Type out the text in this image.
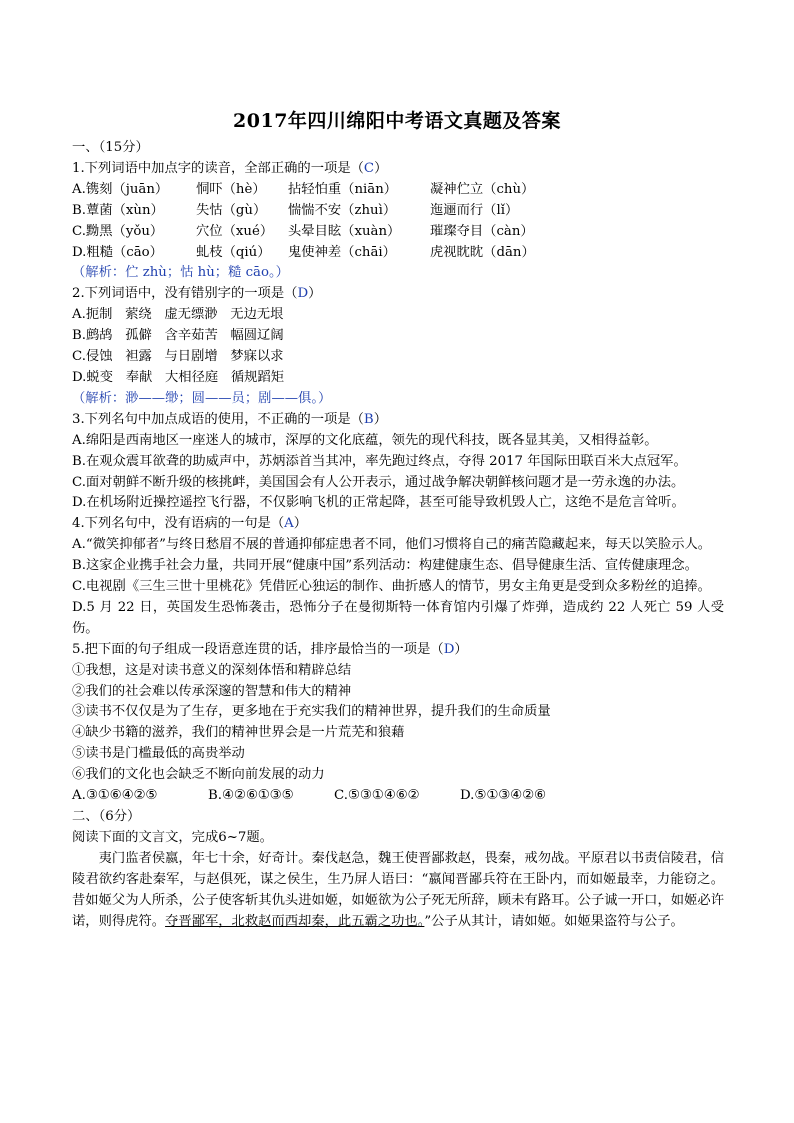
2017年四川绵阳中考语文真题及答案
一、（15分）
1.下列词语中加点字的读音，全部正确的一项是（C）
A.镌刻（juān） 恫吓（hè） 拈轻怕重（niān） 凝神伫立（chù）
B.蕈菌（xùn） 失怙（gù） 惴惴不安（zhuì）	迤逦而行（lǐ）
C.黝黑（yǒu） 穴位（xué） 头晕目眩（xuàn） 璀璨夺目（càn）
D.粗糙（cāo） 虬枝（qiú） 鬼使神差（chāi）	虎视眈眈（dān）
（解析：伫 zhù；怙 hù；糙 cāo。）
2.下列词语中，没有错别字的一项是（D）
A.扼制 萦绕 虚无缥渺 无边无垠
B.鹧鸪 孤僻 含辛茹苦 幅圆辽阔
C.侵蚀 袒露 与日剧增 梦寐以求
D.蜕变 奉献 大相径庭 循规蹈矩
（解析：渺——缈；圆——员；剧——俱。）
3.下列名句中加点成语的使用，不正确的一项是（B）
A.绵阳是西南地区一座迷人的城市，深厚的文化底蕴，领先的现代科技，既各显其美，又相得益彰。
B.在观众震耳欲聋的助威声中，苏炳添首当其冲，率先跑过终点，夺得 2017 年国际田联百米大点冠军。
C.面对朝鲜不断升级的核挑衅，美国国会有人公开表示，通过战争解决朝鲜核问题才是一劳永逸的办法。
D.在机场附近操控遥控飞行器，不仅影响飞机的正常起降，甚至可能导致机毁人亡，这绝不是危言耸听。
4.下列名句中，没有语病的一句是（A）
A.“微笑抑郁者”与终日愁眉不展的普通抑郁症患者不同，他们习惯将自己的痛苦隐藏起来，每天以笑脸示人。
B.这家企业携手社会力量，共同开展“健康中国”系列活动：构建健康生态、倡导健康生活、宣传健康理念。
C.电视剧《三生三世十里桃花》凭借匠心独运的制作、曲折感人的情节，男女主角更是受到众多粉丝的追捧。
D.5 月 22 日，英国发生恐怖袭击，恐怖分子在曼彻斯特一体育馆内引爆了炸弹，造成约 22 人死亡 59 人受伤。
5.把下面的句子组成一段语意连贯的话，排序最恰当的一项是（D）
①我想，这是对读书意义的深刻体悟和精辟总结
②我们的社会难以传承深邃的智慧和伟大的精神
③读书不仅仅是为了生存，更多地在于充实我们的精神世界，提升我们的生命质量
④缺少书籍的滋养，我们的精神世界会是一片荒芜和狼藉
⑤读书是门槛最低的高贵举动
⑥我们的文化也会缺乏不断向前发展的动力
A.③①⑥④②⑤	B.④②⑥①③⑤	C.⑤③①④⑥②	D.⑤①③④②⑥
二、（6分）
阅读下面的文言文，完成6~7题。
夷门监者侯嬴，年七十余，好奇计。秦伐赵急，魏王使晋鄙救赵，畏秦，戒勿战。平原君以书责信陵君，信陵君欲约客赴秦军，与赵俱死，谋之侯生，生乃屏人语曰：“嬴闻晋鄙兵符在王卧内，而如姬最幸，力能窃之。昔如姬父为人所杀，公子使客斩其仇头进如姬，如姬欲为公子死无所辞，顾未有路耳。公子诚一开口，如姬必许诺，则得虎符。夺晋鄙军，北救赵而西却秦，此五霸之功也。”公子从其计，请如姬。如姬果盗符与公子。
